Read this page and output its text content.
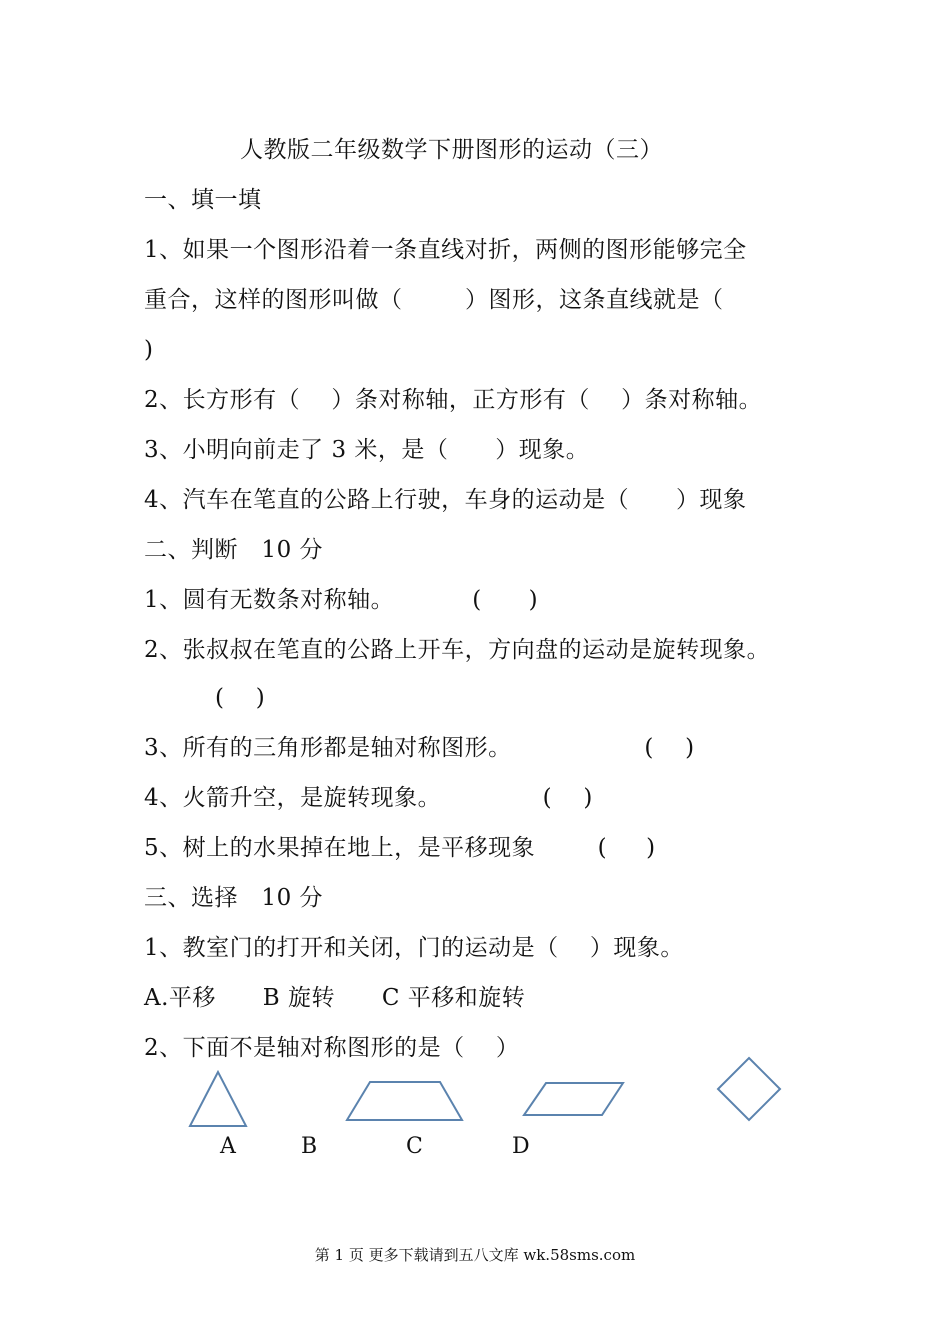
人教版二年级数学下册图形的运动（三）
一、填一填
1、如果一个图形沿着一条直线对折，两侧的图形能够完全
重合，这样的图形叫做（        ）图形，这条直线就是（
)
2、长方形有（    ）条对称轴，正方形有（    ）条对称轴。
3、小明向前走了 3 米，是（      ）现象。
4、汽车在笔直的公路上行驶，车身的运动是（      ）现象
二、判断   10 分
1、圆有无数条对称轴。          (      )
2、张叔叔在笔直的公路上开车，方向盘的运动是旋转现象。
(    )
3、所有的三角形都是轴对称图形。                 (    )
4、火箭升空，是旋转现象。             (    )
5、树上的水果掉在地上，是平移现象        (     )
三、选择   10 分
1、教室门的打开和关闭，门的运动是（    ）现象。
A.平移      B 旋转      C 平移和旋转
2、下面不是轴对称图形的是（    ）
A	B	C	D
第 1 页 更多下载请到五八文库 wk.58sms.com
